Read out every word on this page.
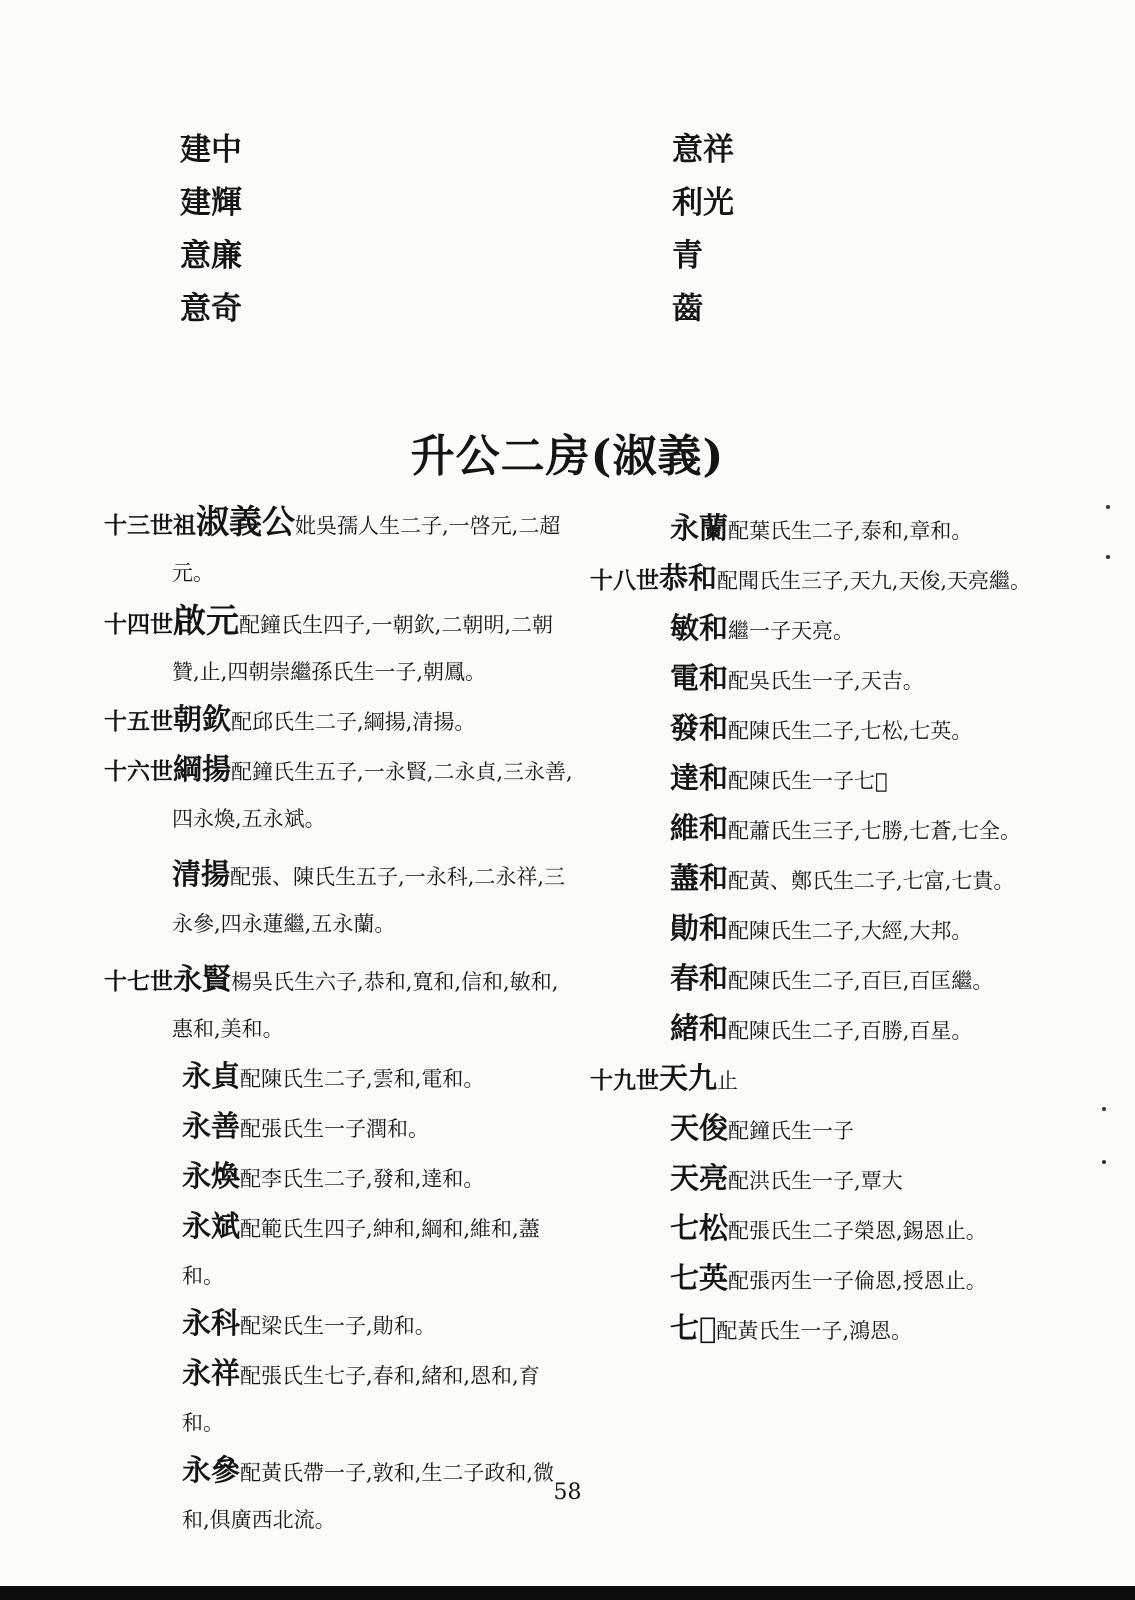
建中
建輝
意廉
意奇
意祥
利光
青
𧀤
升公二房(淑義)
十三世祖淑義公妣吳孺人生二子,⼀啓元,⼆超元。
十四世啟元配鐘氏生四子,⼀朝欽,⼆朝明,⼆朝贊,止,四朝崇繼孫氏生一子,朝鳳。
十五世朝欽配邱氏生二子,綱揚,清揚。
十六世綱揚配鐘氏生五子,⼀永賢,⼆永貞,三永善,四永煥,五永斌。
清揚配張、陳氏生五子,⼀永科,⼆永祥,三永參,四永蓮繼,五永蘭。
十七世永賢楊吳氏生六子,恭和,寬和,信和,敏和,惠和,美和。
永貞配陳氏生二子,雲和,電和。
永善配張氏生一子潤和。
永煥配李氏生二子,發和,達和。
永斌配範氏生四子,紳和,綱和,維和,藎和。
永科配梁氏生一子,勛和。
永祥配張氏生七子,春和,緒和,恩和,育和。
永參配黃氏帶一子,敦和,生二子政和,微和,俱廣西北流。
永蘭配葉氏生二子,泰和,章和。
十八世恭和配聞氏生三子,天九,天俊,天亮繼。
敏和繼一子天亮。
電和配吳氏生一子,天吉。
發和配陳氏生二子,七松,七英。
達和配陳氏生一子七𪊘
維和配蕭氏生三子,七勝,七蒼,七全。
藎和配黃、鄭氏生二子,七富,七貴。
勛和配陳氏生二子,大經,大邦。
春和配陳氏生二子,百巨,百匡繼。
緒和配陳氏生二子,百勝,百星。
十九世天九止
天俊配鐘氏生一子
天亮配洪氏生一子,覃大
七松配張氏生二子榮恩,錫恩止。
七英配張丙生一子倫恩,授恩止。
七𪊘配黃氏生一子,鴻恩。
58
